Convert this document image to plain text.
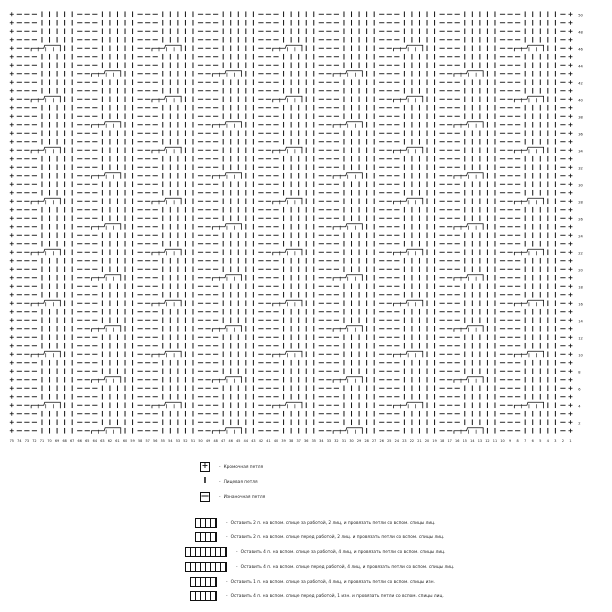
50
48
46
44
42
40
38
36
34
32
30
28
26
24
22
20
18
16
14
12
10
8
6
4
2
75 74 73 72 71 70 69 68 67 66 65 64 63 62 61 60 59 58 57 56 55 54 53 52 51 50 49 48 47 46 45 44 43 42 41 40 39 38 37 36 35 34 33 32 31 30 29 28 27 26 25 24 23 22 21 20 19 18 17 16 15 14 13 12 11 10 9 8 7 6 5 4 3 2 1
+ - Кромочная петля
I	- Лицевая петля
— - Изнаночная петля
- Оставить 2 п. на вспом. спице за работой, 2 лиц, и провязать петли со вспом. спицы лиц.
- Оставить 2 п. на вспом. спице перед работой, 2 лиц. и провязать петли со вспом. спицы лиц.
- Оставить 4 п. на вспом. спице за работой, 4 лиц, и провязать петли со вспом. спицы лиц.
- Оставить 4 п. на вспом. спице перед работой, 4 лиц, и провязать петли со вспом. спицы лиц.
- Оставить 1 п. на вспом. спице за работой, 4 лиц, и провязать петли со вспом. спицы изн.
- Оставить 4 п. на вспом. спице перед работой, 1 изн. и провязать петли со вспом. спицы лиц.
